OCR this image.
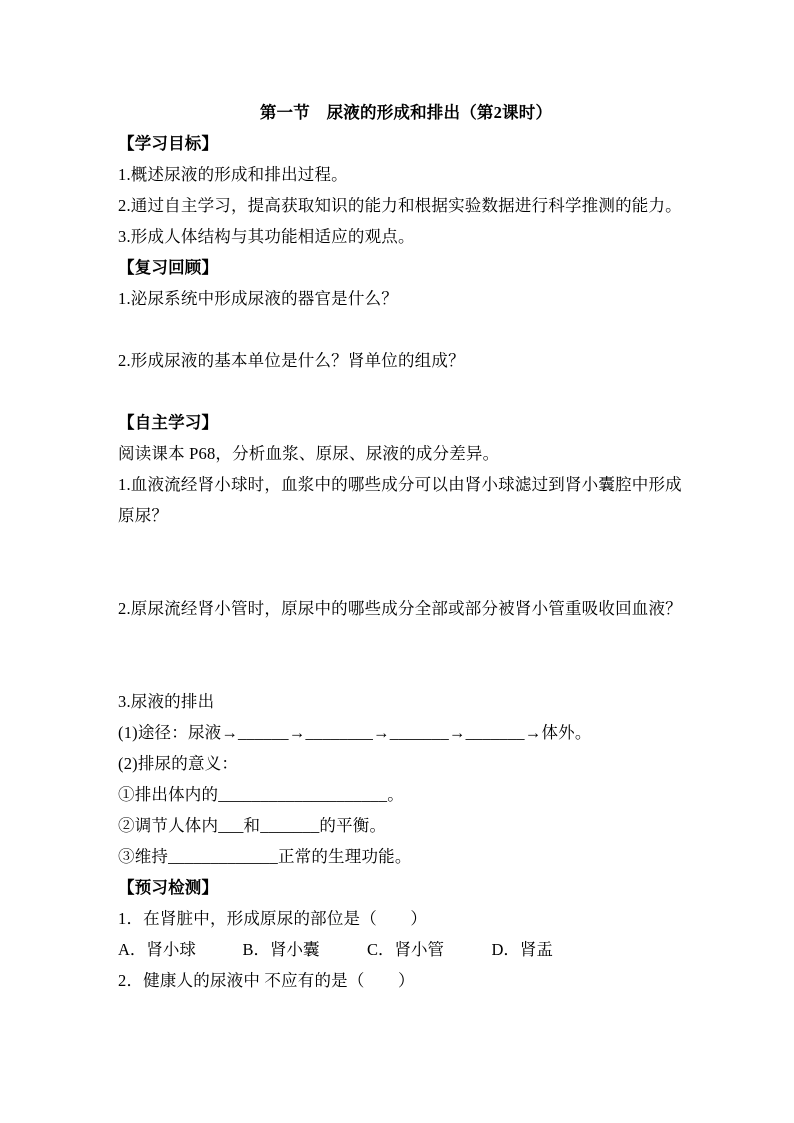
第一节　尿液的形成和排出（第2课时）

【学习目标】

1.概述尿液的形成和排出过程。

2.通过自主学习，提高获取知识的能力和根据实验数据进行科学推测的能力。

3.形成人体结构与其功能相适应的观点。

【复习回顾】

1.泌尿系统中形成尿液的器官是什么？

2.形成尿液的基本单位是什么？肾单位的组成？

【自主学习】

阅读课本 P68，分析血浆、原尿、尿液的成分差异。

1.血液流经肾小球时，血浆中的哪些成分可以由肾小球滤过到肾小囊腔中形成原尿？

2.原尿流经肾小管时，原尿中的哪些成分全部或部分被肾小管重吸收回血液？

3.尿液的排出

(1)途径：尿液→______→________→_______→_______→体外。

(2)排尿的意义：

①排出体内的____________________。

②调节人体内___和_______的平衡。

③维持_____________正常的生理功能。

【预习检测】

1．在肾脏中，形成原尿的部位是（　　）

A．肾小球	B．肾小囊	C．肾小管	D．肾盂

2．健康人的尿液中 不应有的是（　　）
